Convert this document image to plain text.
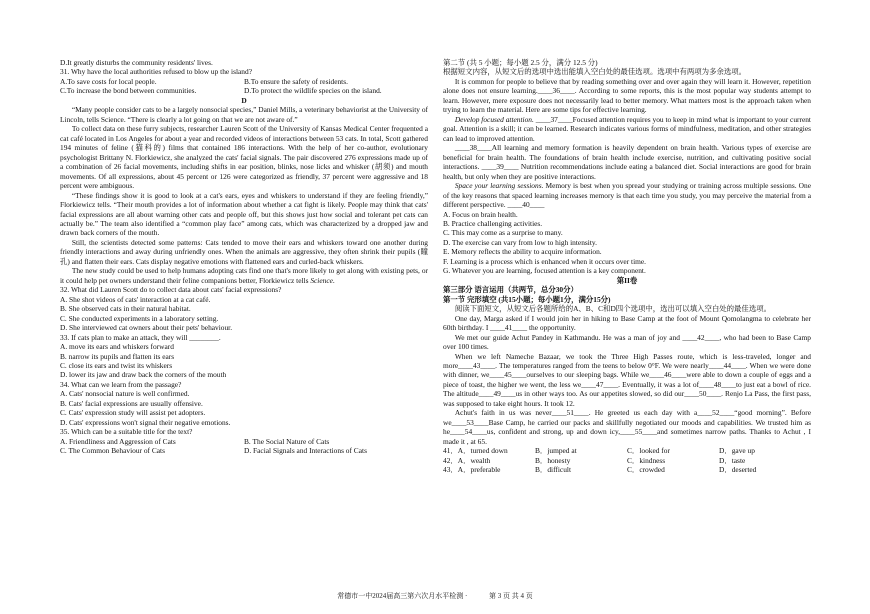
D.It greatly disturbs the community residents' lives.

31. Why have the local authorities refused to blow up the island?

A.To save costs for local people.	B.To ensure the safety of residents.
C.To increase the bond between communities.	D.To protect the wildlife species on the island.

D

“Many people consider cats to be a largely nonsocial species,” Daniel Mills, a veterinary behaviorist at the University of Lincoln, tells Science. “There is clearly a lot going on that we are not aware of.”

To collect data on these furry subjects, researcher Lauren Scott of the University of Kansas Medical Center frequented a cat café located in Los Angeles for about a year and recorded videos of interactions between 53 cats. In total, Scott gathered 194 minutes of feline (猫科的) films that contained 186 interactions. With the help of her co-author, evolutionary psychologist Brittany N. Florkiewicz, she analyzed the cats' facial signals. The pair discovered 276 expressions made up of a combination of 26 facial movements, including shifts in ear position, blinks, nose licks and whisker (胡须) and mouth movements. Of all expressions, about 45 percent or 126 were categorized as friendly, 37 percent were aggressive and 18 percent were ambiguous.

“These findings show it is good to look at a cat's ears, eyes and whiskers to understand if they are feeling friendly,” Florkiewicz tells. “Their mouth provides a lot of information about whether a cat fight is likely. People may think that cats' facial expressions are all about warning other cats and people off, but this shows just how social and tolerant pet cats can actually be.” The team also identified a “common play face” among cats, which was characterized by a dropped jaw and drawn back corners of the mouth.

Still, the scientists detected some patterns: Cats tended to move their ears and whiskers toward one another during friendly interactions and away during unfriendly ones. When the animals are aggressive, they often shrink their pupils (瞳孔) and flatten their ears. Cats display negative emotions with flattened ears and curled-back whiskers.

The new study could be used to help humans adopting cats find one that's more likely to get along with existing pets, or it could help pet owners understand their feline companions better, Florkiewicz tells Science.

32. What did Lauren Scott do to collect data about cats' facial expressions?

A. She shot videos of cats' interaction at a cat café.

B. She observed cats in their natural habitat.

C. She conducted experiments in a laboratory setting.

D. She interviewed cat owners about their pets' behaviour.

33. If cats plan to make an attack, they will ________.

A. move its ears and whiskers forward

B. narrow its pupils and flatten its ears

C. close its ears and twist its whiskers

D. lower its jaw and draw back the corners of the mouth

34. What can we learn from the passage?

A. Cats' nonsocial nature is well confirmed.

B. Cats' facial expressions are usually offensive.

C. Cats' expression study will assist pet adopters.

D. Cats' expressions won't signal their negative emotions.

35. Which can be a suitable title for the text?

A. Friendliness and Aggression of Cats	B. The Social Nature of Cats
C. The Common Behaviour of Cats	D. Facial Signals and Interactions of Cats

第二节 (共 5 小题；每小题 2.5 分，满分 12.5 分)

根据短文内容，从短文后的选项中选出能填入空白处的最佳选项。选项中有两项为多余选项。

It is common for people to believe that by reading something over and over again they will learn it. However, repetition alone does not ensure learning.____36____. According to some reports, this is the most popular way students attempt to learn. However, mere exposure does not necessarily lead to better memory. What matters most is the approach taken when trying to learn the material. Here are some tips for effective learning.

Develop focused attention. ____37____Focused attention requires you to keep in mind what is important to your current goal. Attention is a skill; it can be learned. Research indicates various forms of mindfulness, meditation, and other strategies can lead to improved attention.

____38____All learning and memory formation is heavily dependent on brain health. Various types of exercise are beneficial for brain health. The foundations of brain health include exercise, nutrition, and cultivating positive social interactions. ____39____ Nutrition recommendations include eating a balanced diet. Social interactions are good for brain health, but only when they are positive interactions.

Space your learning sessions. Memory is best when you spread your studying or training across multiple sessions. One of the key reasons that spaced learning increases memory is that each time you study, you may perceive the material from a different perspective. ____40____

A. Focus on brain health.

B. Practice challenging activities.

C. This may come as a surprise to many.

D. The exercise can vary from low to high intensity.

E. Memory reflects the ability to acquire information.

F. Learning is a process which is enhanced when it occurs over time.

G. Whatever you are learning, focused attention is a key component.

第II卷

第三部分 语言运用（共两节，总分30分）

第一节 完形填空 (共15小题；每小题1分，满分15分)

阅读下面短文，从短文后各题所给的A、B、C和D四个选项中，选出可以填入空白处的最佳选项。

One day, Marga asked if I would join her in hiking to Base Camp at the foot of Mount Qomolangma to celebrate her 60th birthday. I ____41____ the opportunity.

We met our guide Achut Pandey in Kathmandu. He was a man of joy and ____42____, who had been to Base Camp over 100 times.

When we left Nameche Bazaar, we took the Three High Passes route, which is less-traveled, longer and more____43____. The temperatures ranged from the teens to below 0°F. We were nearly____44____. When we were done with dinner, we____45____ourselves to our sleeping bags. While we____46____were able to down a couple of eggs and a piece of toast, the higher we went, the less we____47____. Eventually, it was a lot of____48____to just eat a bowl of rice. The altitude____49____us in other ways too. As our appetites slowed, so did our____50____. Renjo La Pass, the first pass, was supposed to take eight hours. It took 12.

Achut's faith in us was never____51____. He greeted us each day with a____52____“good morning”. Before we____53____Base Camp, he carried our packs and skillfully negotiated our moods and capabilities. We trusted him as he____54____us, confident and strong, up and down icy,____55____and sometimes narrow paths. Thanks to Achut , I made it , at 65.

41．A．turned down	B．jumped at	C．looked for	D．gave up
42．A．wealth	B．honesty	C．kindness	D．taste
43．A．preferable	B．difficult	C．crowded	D．deserted
常德市一中2024届高三第六次月水平检测 ·	第 3 页 共 4 页
